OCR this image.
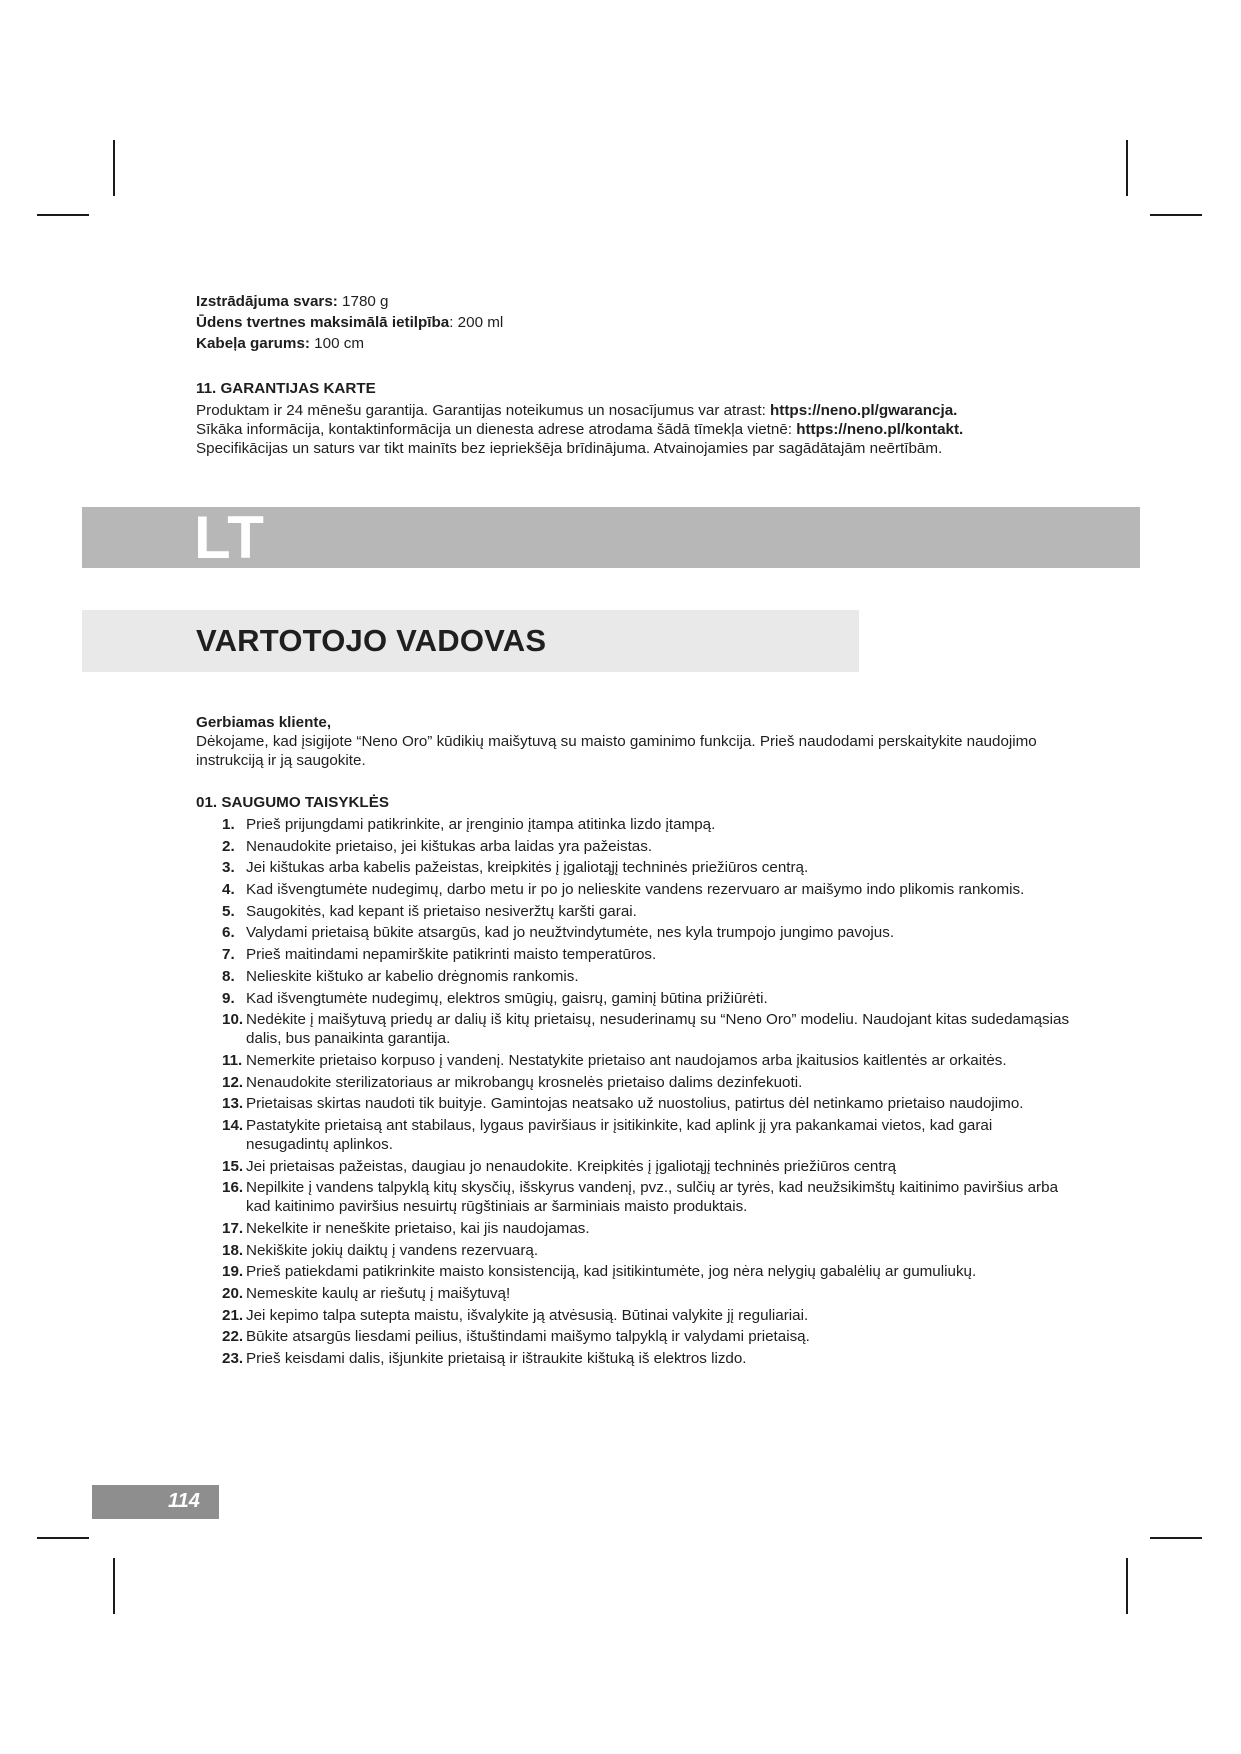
Izstrādājuma svars: 1780 g

Ūdens tvertnes maksimālā ietilpība: 200 ml

Kabeļa garums: 100 cm

11. GARANTIJAS KARTE

Produktam ir 24 mēnešu garantija. Garantijas noteikumus un nosacījumus var atrast: https://neno.pl/gwarancja.

Sīkāka informācija, kontaktinformācija un dienesta adrese atrodama šādā tīmekļa vietnē: https://neno.pl/kontakt.

Specifikācijas un saturs var tikt mainīts bez iepriekšēja brīdinājuma. Atvainojamies par sagādātajām neērtībām.

LT
VARTOTOJO VADOVAS

Gerbiamas kliente,

Dėkojame, kad įsigijote “Neno Oro” kūdikių maišytuvą su maisto gaminimo funkcija. Prieš naudodami perskaitykite naudojimo instrukciją ir ją saugokite.

01. SAUGUMO TAISYKLĖS

1. Prieš prijungdami patikrinkite, ar įrenginio įtampa atitinka lizdo įtampą.
2. Nenaudokite prietaiso, jei kištukas arba laidas yra pažeistas.
3. Jei kištukas arba kabelis pažeistas, kreipkitės į įgaliotąjį techninės priežiūros centrą.
4. Kad išvengtumėte nudegimų, darbo metu ir po jo nelieskite vandens rezervuaro ar maišymo indo plikomis rankomis.
5. Saugokitės, kad kepant iš prietaiso nesiveržtų karšti garai.
6. Valydami prietaisą būkite atsargūs, kad jo neužtvindytumėte, nes kyla trumpojo jungimo pavojus.
7. Prieš maitindami nepamirškite patikrinti maisto temperatūros.
8. Nelieskite kištuko ar kabelio drėgnomis rankomis.
9. Kad išvengtumėte nudegimų, elektros smūgių, gaisrų, gaminį būtina prižiūrėti.
10. Nedėkite į maišytuvą priedų ar dalių iš kitų prietaisų, nesuderinamų su “Neno Oro” modeliu. Naudojant kitas sudedamąsias dalis, bus panaikinta garantija.
11. Nemerkite prietaiso korpuso į vandenį. Nestatykite prietaiso ant naudojamos arba įkaitusios kaitlentės ar orkaitės.
12. Nenaudokite sterilizatoriaus ar mikrobangų krosnelės prietaiso dalims dezinfekuoti.
13. Prietaisas skirtas naudoti tik buityje. Gamintojas neatsako už nuostolius, patirtus dėl netinkamo prietaiso naudojimo.
14. Pastatykite prietaisą ant stabilaus, lygaus paviršiaus ir įsitikinkite, kad aplink jį yra pakankamai vietos, kad garai nesugadintų aplinkos.
15. Jei prietaisas pažeistas, daugiau jo nenaudokite. Kreipkitės į įgaliotąjį techninės priežiūros centrą
16. Nepilkite į vandens talpyklą kitų skysčių, išskyrus vandenį, pvz., sulčių ar tyrės, kad neužsikimštų kaitinimo paviršius arba kad kaitinimo paviršius nesuirtų rūgštiniais ar šarminiais maisto produktais.
17. Nekelkite ir neneškite prietaiso, kai jis naudojamas.
18. Nekiškite jokių daiktų į vandens rezervuarą.
19. Prieš patiekdami patikrinkite maisto konsistenciją, kad įsitikintumėte, jog nėra nelygių gabalėlių ar gumuliukų.
20. Nemeskite kaulų ar riešutų į maišytuvą!
21. Jei kepimo talpa sutepta maistu, išvalykite ją atvėsusią. Būtinai valykite jį reguliariai.
22. Būkite atsargūs liesdami peilius, ištuštindami maišymo talpyklą ir valydami prietaisą.
23. Prieš keisdami dalis, išjunkite prietaisą ir ištraukite kištuką iš elektros lizdo.
114
